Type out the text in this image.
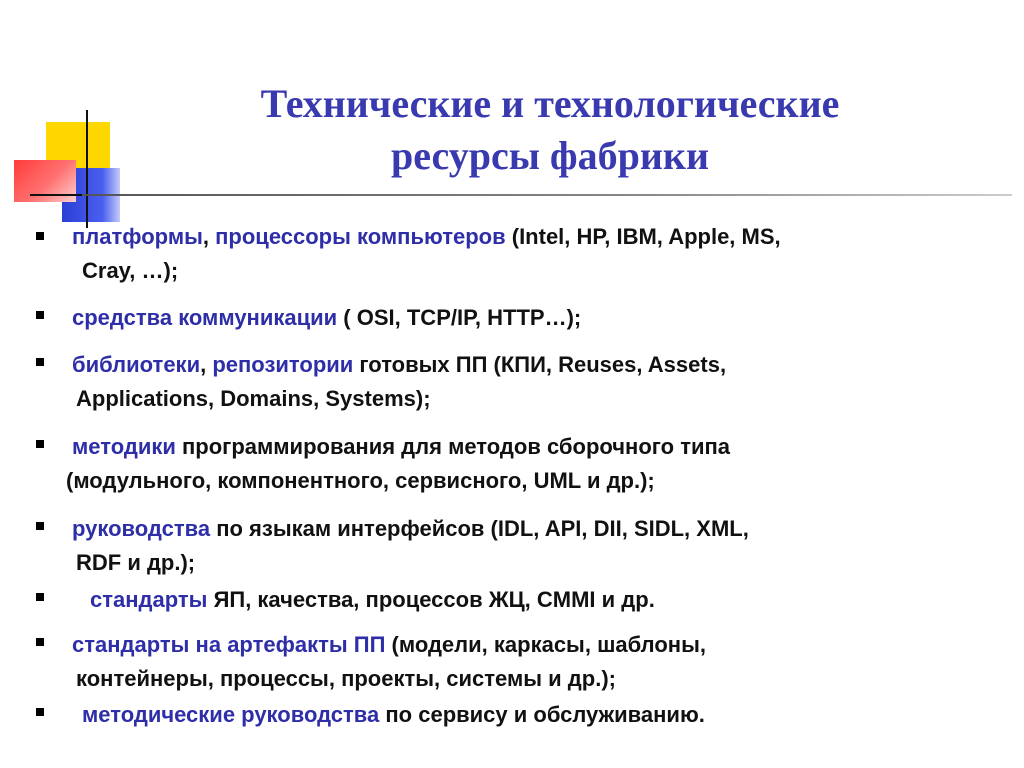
Технические и технологические
ресурсы фабрики
платформы, процессоры компьютеров (Intel, HP, IBM, Apple, MS,
Cray, …);
средства коммуникации ( OSI, TCP/IP, HTTP…);
библиотеки, репозитории готовых ПП (КПИ, Reuses, Assets,
Applications, Domains, Systems);
методики программирования для методов сборочного типа
(модульного, компонентного, сервисного, UML и др.);
руководства по языкам интерфейсов (IDL, API, DII, SIDL, XML,
RDF и др.);
стандарты ЯП, качества, процессов ЖЦ, CMMI и др.
стандарты на артефакты ПП (модели, каркасы, шаблоны,
контейнеры, процессы, проекты, системы и др.);
методические руководства по сервису и обслуживанию.
